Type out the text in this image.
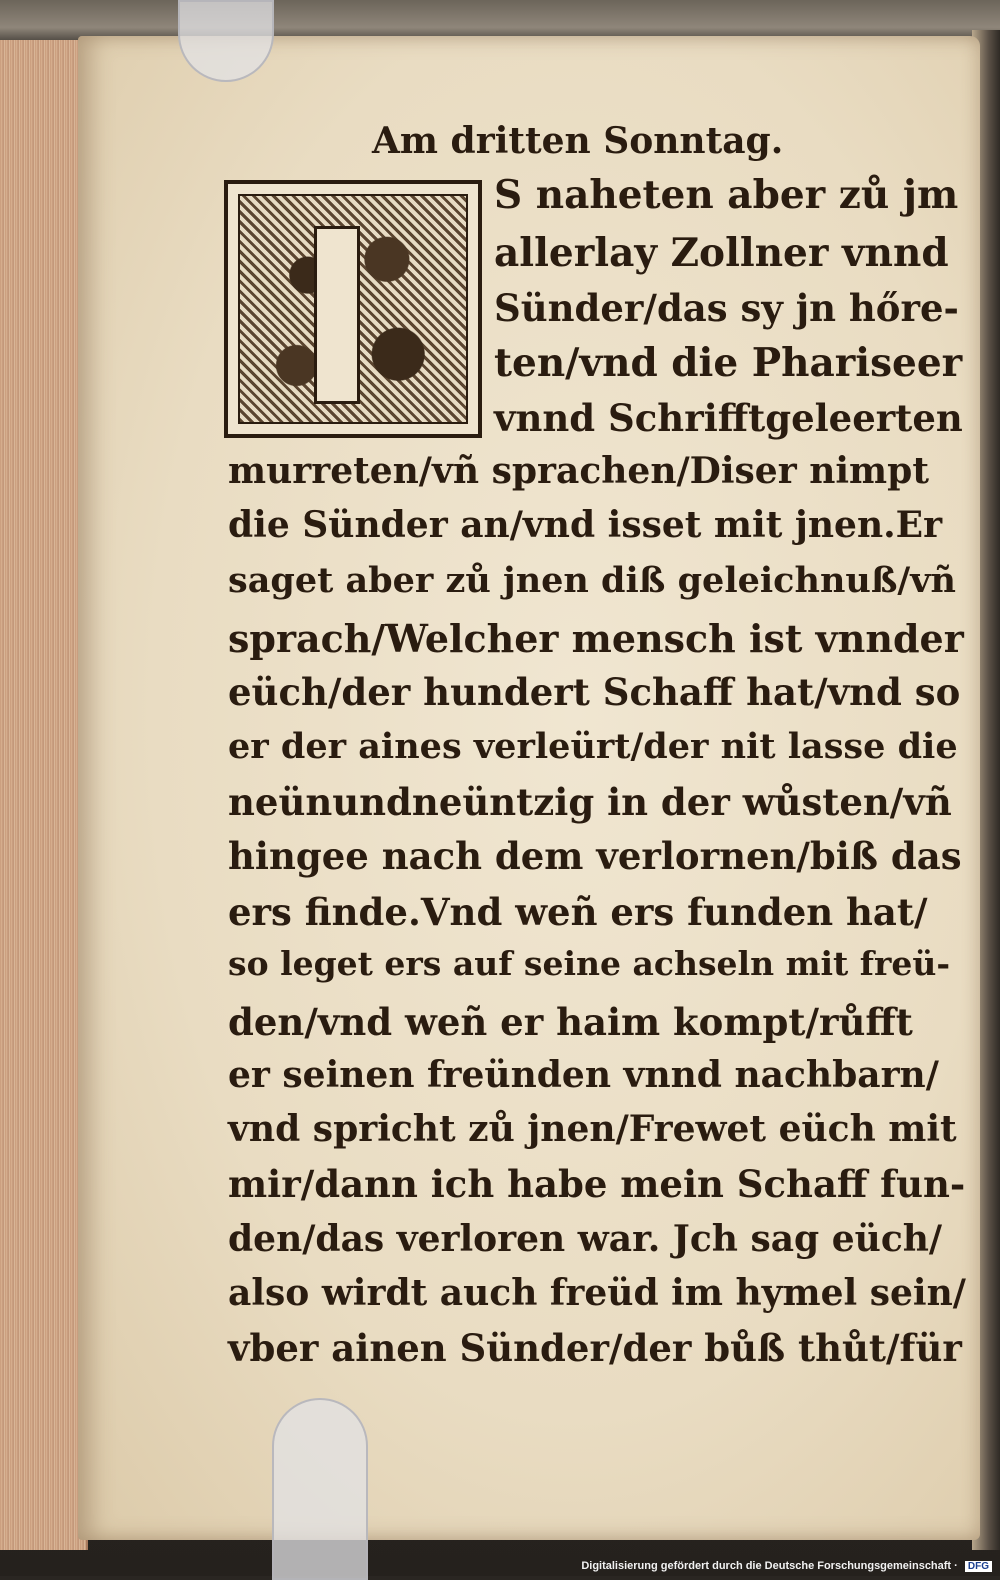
Am dritten Sonntag.
S naheten aber zů jm
allerlay Zollner vnnd
Sünder/das sy jn hőre-
ten/vnd die Phariseer
vnnd Schrifftgeleerten
murreten/vñ sprachen/Diser nimpt
die Sünder an/vnd isset mit jnen.Er
saget aber zů jnen diß geleichnuß/vñ
sprach/Welcher mensch ist vnnder
eüch/der hundert Schaff hat/vnd so
er der aines verleürt/der nit lasse die
neünundneüntzig in der wůsten/vñ
hingee nach dem verlornen/biß das
ers finde.Vnd weñ ers funden hat/
so leget ers auf seine achseln mit freü-
den/vnd weñ er haim kompt/růfft
er seinen freünden vnnd nachbarn/
vnd spricht zů jnen/Frewet eüch mit
mir/dann ich habe mein Schaff fun-
den/das verloren war. Jch sag eüch/
also wirdt auch freüd im hymel sein/
vber ainen Sünder/der bůß thůt/für
Digitalisierung gefördert durch die Deutsche Forschungsgemeinschaft · DFG
